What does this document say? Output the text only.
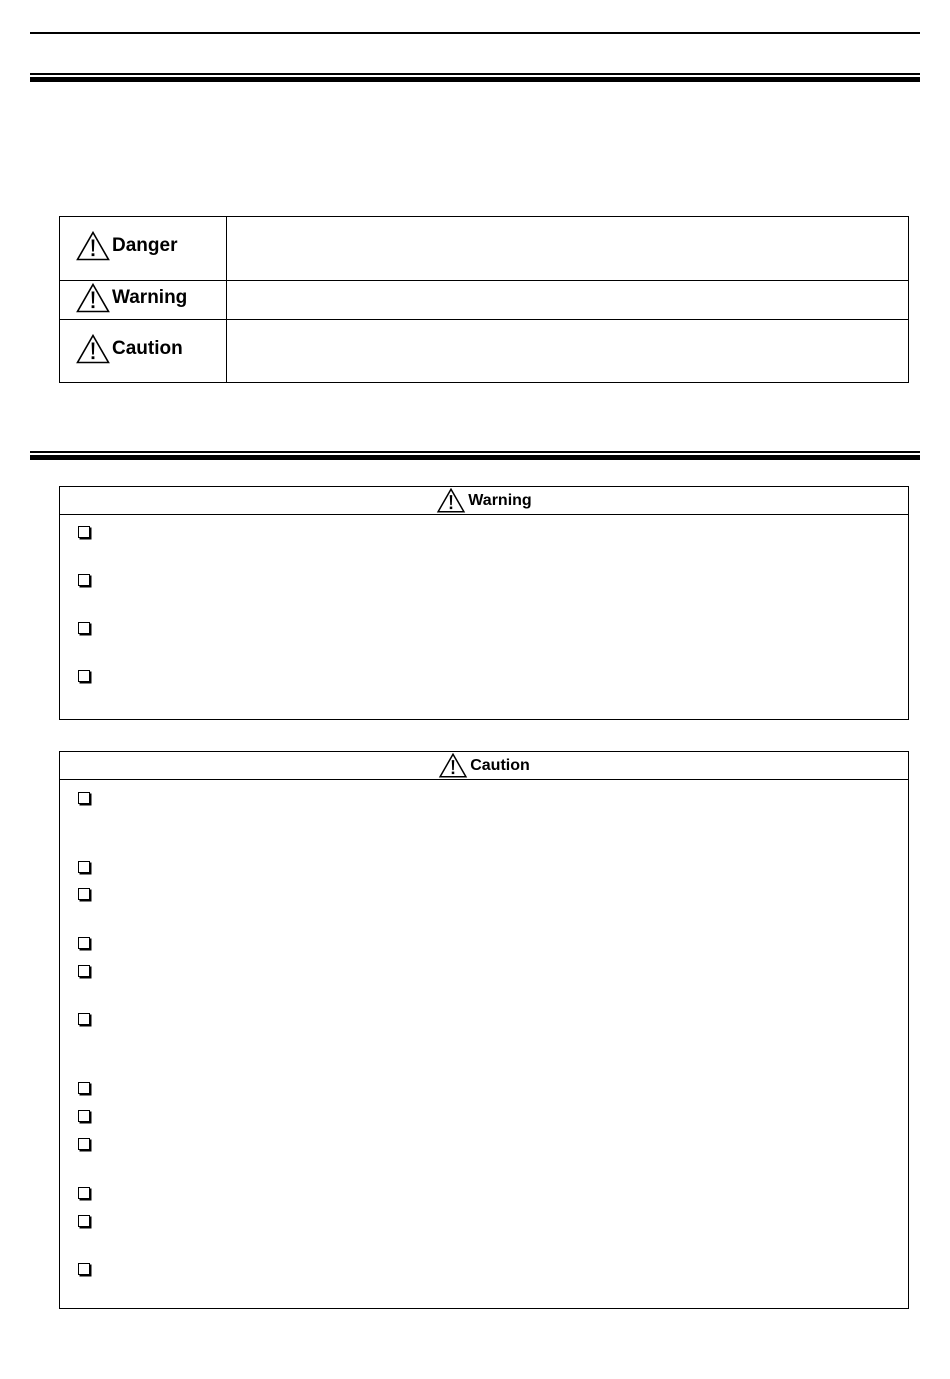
Danger	

Warning	

Caution	

Warning
Caution
